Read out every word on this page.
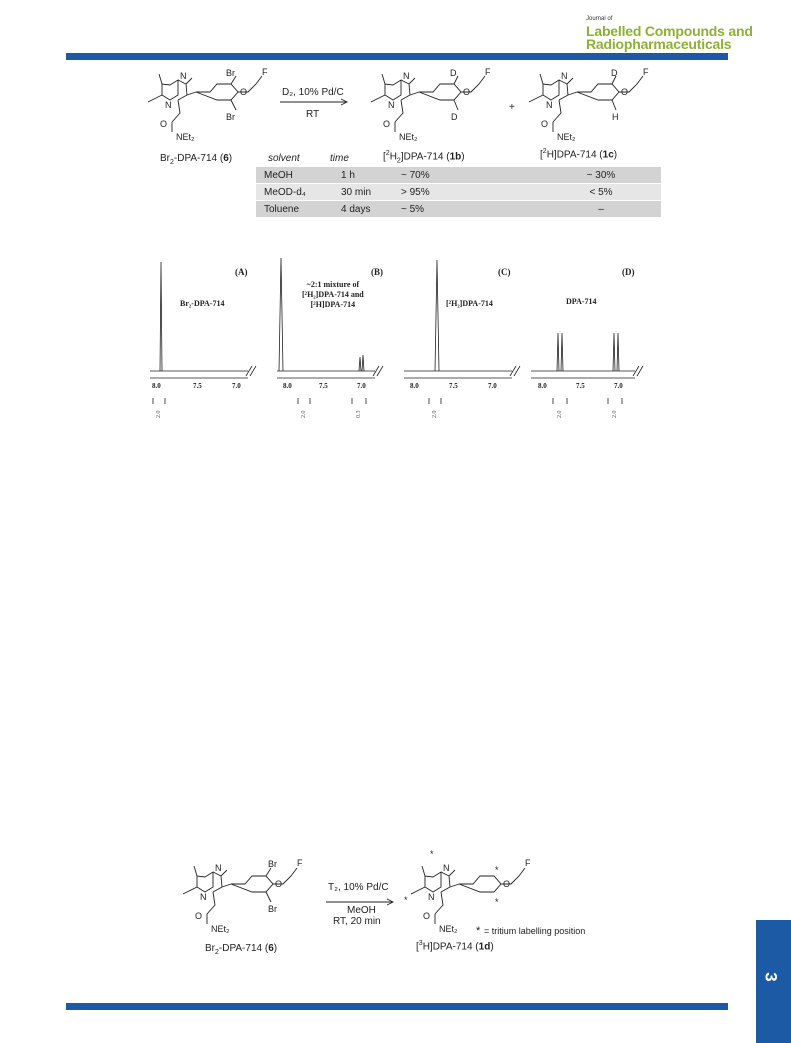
Journal of
Labelled Compounds and
Radiopharmaceuticals
Br
Br
O
F
N
N
O
NEt₂
D
D
O
F
N
N
O
NEt₂
D
H
O
F
N
N
O
NEt₂
D₂, 10% Pd/C
RT
+
$Br_2-DPA-714$ (6)	$[^2H_2]DPA-714$ (1b)	[$^2$H]DPA-714 (1c)
solvent	time
MeOH	1 h	~ 70%	~ 30%
MeOD-d₄	30 min	> 95%	< 5%
Toluene	4 days	~ 5%	–
(A)	(B)	(C)	(D)
Br₂-DPA-714
~2:1 mixture of
[²H₂]DPA-714 and
[²H]DPA-714	[²H₂]DPA-714	DPA-714
8.0	7.5	7.0	8.0	7.5	7.0	8.0	7.5	7.0	8.0	7.5	7.0
2.0	2.0	0.3	2.0	2.0	2.0
Br
Br
O
F
N
N
O
NEt₂
O
F
N
N
O
NEt₂
*
*
*
*
* = tritium labelling position
T₂, 10% Pd/C
MeOH
RT, 20 min
$Br_2-DPA-714$ (6)	[$^3$H]DPA-714 (1d)
3
